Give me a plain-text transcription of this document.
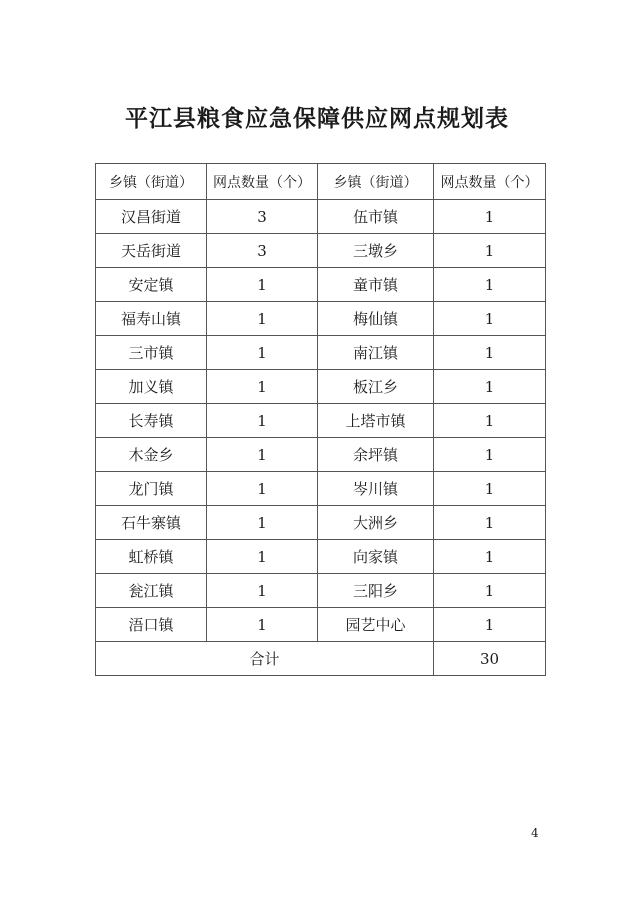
平江县粮食应急保障供应网点规划表
乡镇（街道）	网点数量（个）	乡镇（街道）	网点数量（个）
汉昌街道	3	伍市镇	1
天岳街道	3	三墩乡	1
安定镇	1	童市镇	1
福寿山镇	1	梅仙镇	1
三市镇	1	南江镇	1
加义镇	1	板江乡	1
长寿镇	1	上塔市镇	1
木金乡	1	余坪镇	1
龙门镇	1	岑川镇	1
石牛寨镇	1	大洲乡	1
虹桥镇	1	向家镇	1
瓮江镇	1	三阳乡	1
浯口镇	1	园艺中心	1
合计			30
4
